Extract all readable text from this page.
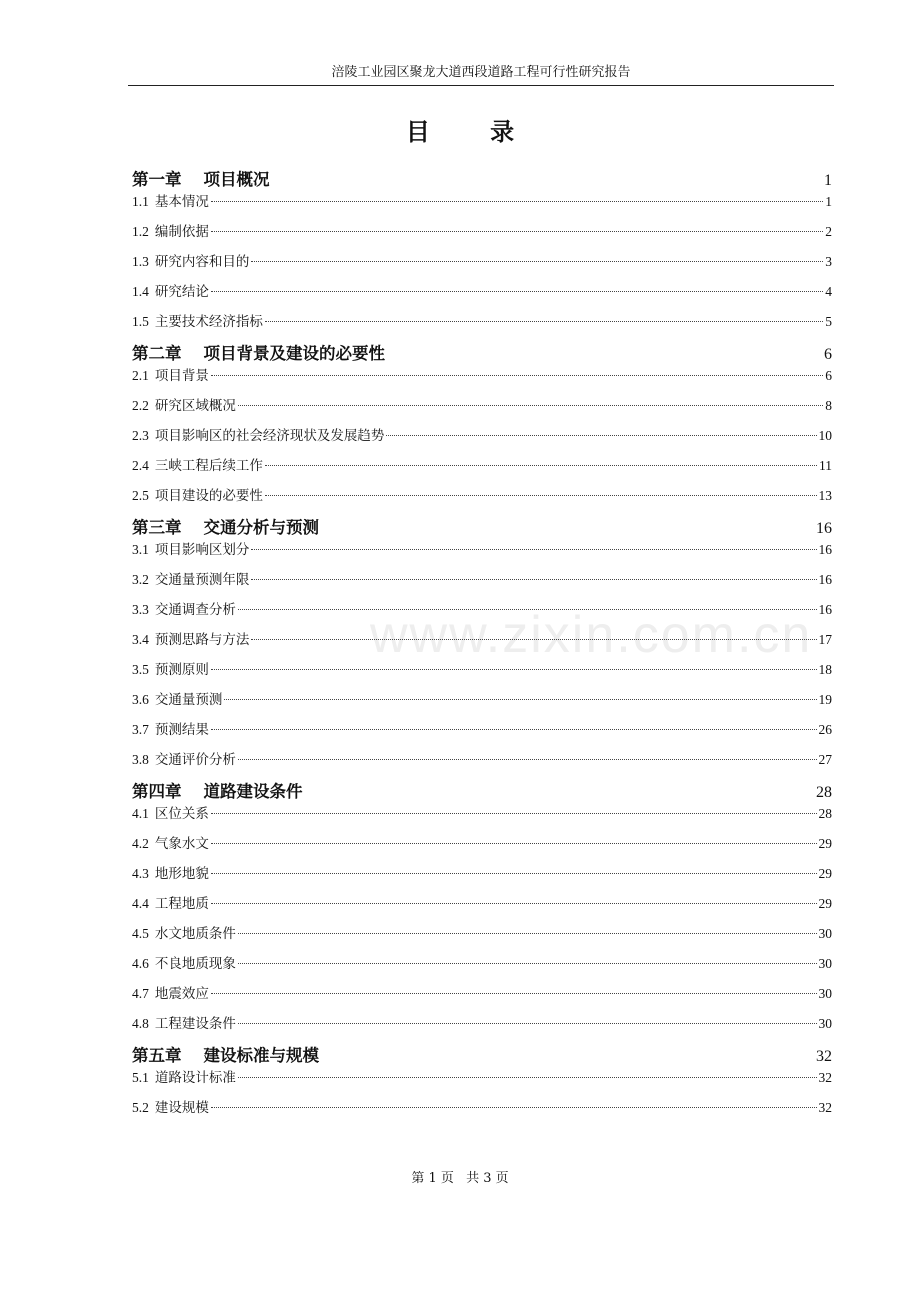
涪陵工业园区聚龙大道西段道路工程可行性研究报告
目 录
www.zixin.com.cn
第一章 项目概况	1
1.1 基本情况	1
1.2 编制依据	2
1.3 研究内容和目的	3
1.4 研究结论	4
1.5 主要技术经济指标	5
第二章 项目背景及建设的必要性	6
2.1 项目背景	6
2.2 研究区域概况	8
2.3 项目影响区的社会经济现状及发展趋势	10
2.4 三峡工程后续工作	11
2.5 项目建设的必要性	13
第三章 交通分析与预测	16
3.1 项目影响区划分	16
3.2 交通量预测年限	16
3.3 交通调查分析	16
3.4 预测思路与方法	17
3.5 预测原则	18
3.6 交通量预测	19
3.7 预测结果	26
3.8 交通评价分析	27
第四章 道路建设条件	28
4.1 区位关系	28
4.2 气象水文	29
4.3 地形地貌	29
4.4 工程地质	29
4.5 水文地质条件	30
4.6 不良地质现象	30
4.7 地震效应	30
4.8 工程建设条件	30
第五章 建设标准与规模	32
5.1 道路设计标准	32
5.2 建设规模	32
第 1 页 共 3 页
